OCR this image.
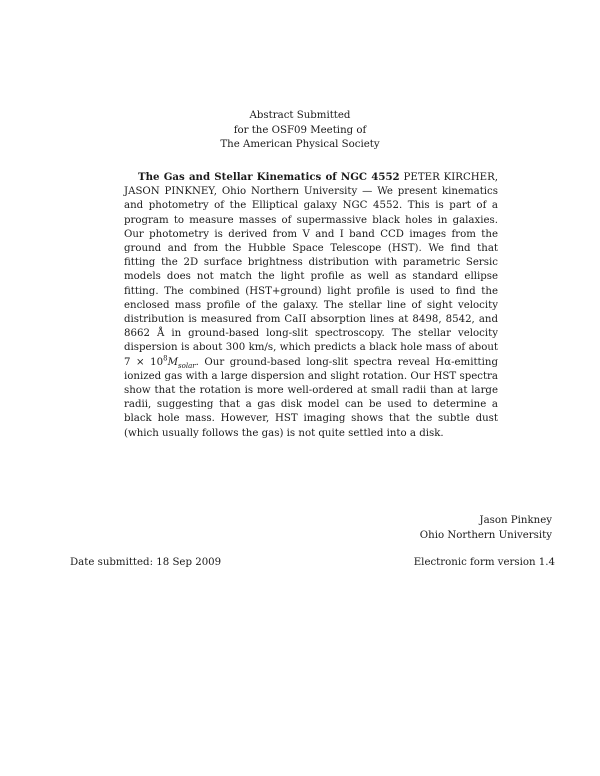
Abstract Submitted
for the OSF09 Meeting of
The American Physical Society

The Gas and Stellar Kinematics of NGC 4552 PETER KIRCHER, JASON PINKNEY, Ohio Northern University — We present kinematics and photometry of the Elliptical galaxy NGC 4552. This is part of a program to measure masses of supermassive black holes in galaxies. Our photometry is derived from V and I band CCD images from the ground and from the Hubble Space Telescope (HST). We find that fitting the 2D surface brightness distribution with parametric Sersic models does not match the light profile as well as standard ellipse fitting. The combined (HST+ground) light profile is used to find the enclosed mass profile of the galaxy. The stellar line of sight velocity distribution is measured from CaII absorption lines at 8498, 8542, and 8662 Å in ground-based long-slit spectroscopy. The stellar velocity dispersion is about 300 km/s, which predicts a black hole mass of about $7 \times 10^8M_{solar}$. Our ground-based long-slit spectra reveal Hα-emitting ionized gas with a large dispersion and slight rotation. Our HST spectra show that the rotation is more well-ordered at small radii than at large radii, suggesting that a gas disk model can be used to determine a black hole mass. However, HST imaging shows that the subtle dust (which usually follows the gas) is not quite settled into a disk.

Jason Pinkney
Ohio Northern University
Date submitted: 18 Sep 2009	Electronic form version 1.4
